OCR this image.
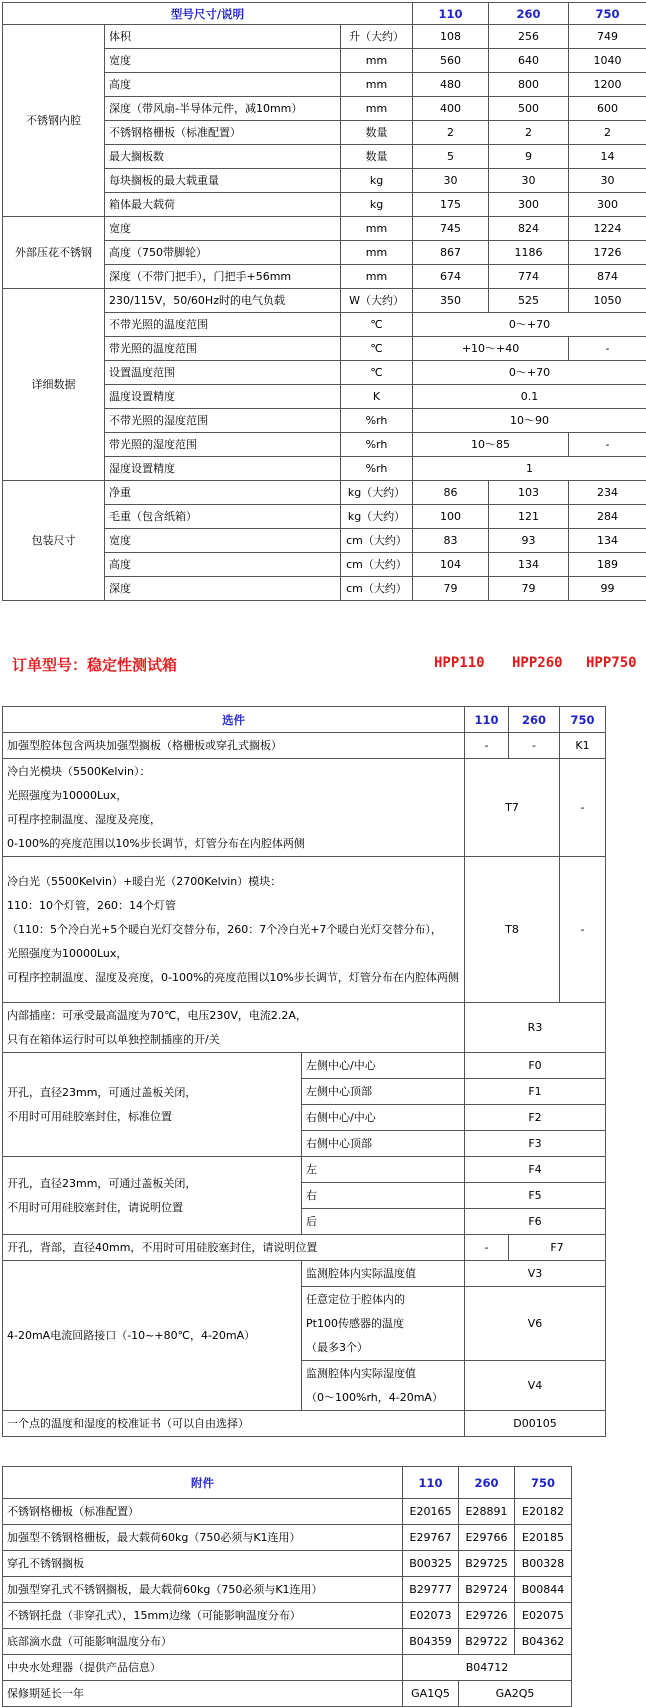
型号尺寸/说明			110	260	750
不锈钢内腔	体积	升（大约）	108	256	749
	宽度	mm	560	640	1040
	高度	mm	480	800	1200
	深度（带风扇-半导体元件，减10mm）	mm	400	500	600
	不锈钢格栅板（标准配置）	数量	2	2	2
	最大搁板数	数量	5	9	14
	每块搁板的最大载重量	kg	30	30	30
	箱体最大载荷	kg	175	300	300
外部压花不锈钢	宽度	mm	745	824	1224
	高度（750带脚轮）	mm	867	1186	1726
	深度（不带门把手），门把手+56mm	mm	674	774	874
详细数据	230/115V，50/60Hz时的电气负载	W（大约）	350	525	1050
	不带光照的温度范围	℃	0～+70		
	带光照的温度范围	℃	+10～+40		-
	设置温度范围	℃	0～+70		
	温度设置精度	K	0.1		
	不带光照的湿度范围	%rh	10～90		
	带光照的湿度范围	%rh	10～85		-
	湿度设置精度	%rh	1		
包装尺寸	净重	kg（大约）	86	103	234
	毛重（包含纸箱）	kg（大约）	100	121	284
	宽度	cm（大约）	83	93	134
	高度	cm（大约）	104	134	189
	深度	cm（大约）	79	79	99
订单型号：稳定性测试箱	HPP110 HPP260 HPP750
选件		110	260	750
加强型腔体包含两块加强型搁板（格栅板或穿孔式搁板）		-	-	K1

冷白光模块（5500Kelvin）：
光照强度为10000Lux，
可程序控制温度、湿度及亮度，
0-100%的亮度范围以10%步长调节，灯管分布在内腔体两侧		T7		-

冷白光（5500Kelvin）+暖白光（2700Kelvin）模块：
110：10个灯管，260：14个灯管
（110：5个冷白光+5个暖白光灯交替分布，260：7个冷白光+7个暖白光灯交替分布），
光照强度为10000Lux，
可程序控制温度、湿度及亮度，0-100%的亮度范围以10%步长调节，灯管分布在内腔体两侧		T8		-

内部插座：可承受最高温度为70℃，电压230V，电流2.2A，
只有在箱体运行时可以单独控制插座的开/关		R3		

开孔，直径23mm，可通过盖板关闭，
不用时可用硅胶塞封住，标准位置	左侧中心/中心	F0		
	左侧中心顶部	F1		
	右侧中心/中心	F2		
	右侧中心顶部	F3		

开孔，直径23mm，可通过盖板关闭，
不用时可用硅胶塞封住，请说明位置	左	F4		
	右	F5		
	后	F6		
开孔，背部，直径40mm，不用时可用硅胶塞封住，请说明位置		-	F7	
4-20mA电流回路接口（-10~+80℃，4-20mA）	监测腔体内实际温度值	V3		

	任意定位于腔体内的
Pt100传感器的温度
（最多3个）	V6		

	监测腔体内实际湿度值
（0～100%rh，4-20mA）	V4		
一个点的温度和湿度的校准证书（可以自由选择）		D00105		
附件	110	260	750
不锈钢格栅板（标准配置）	E20165	E28891	E20182
加强型不锈钢格栅板，最大载荷60kg（750必须与K1连用）	E29767	E29766	E20185
穿孔不锈钢搁板	B00325	B29725	B00328
加强型穿孔式不锈钢搁板，最大载荷60kg（750必须与K1连用）	B29777	B29724	B00844
不锈钢托盘（非穿孔式），15mm边缘（可能影响温度分布）	E02073	E29726	E02075
底部滴水盘（可能影响温度分布）	B04359	B29722	B04362
中央水处理器（提供产品信息）	B04712		
保修期延长一年	GA1Q5	GA2Q5	
